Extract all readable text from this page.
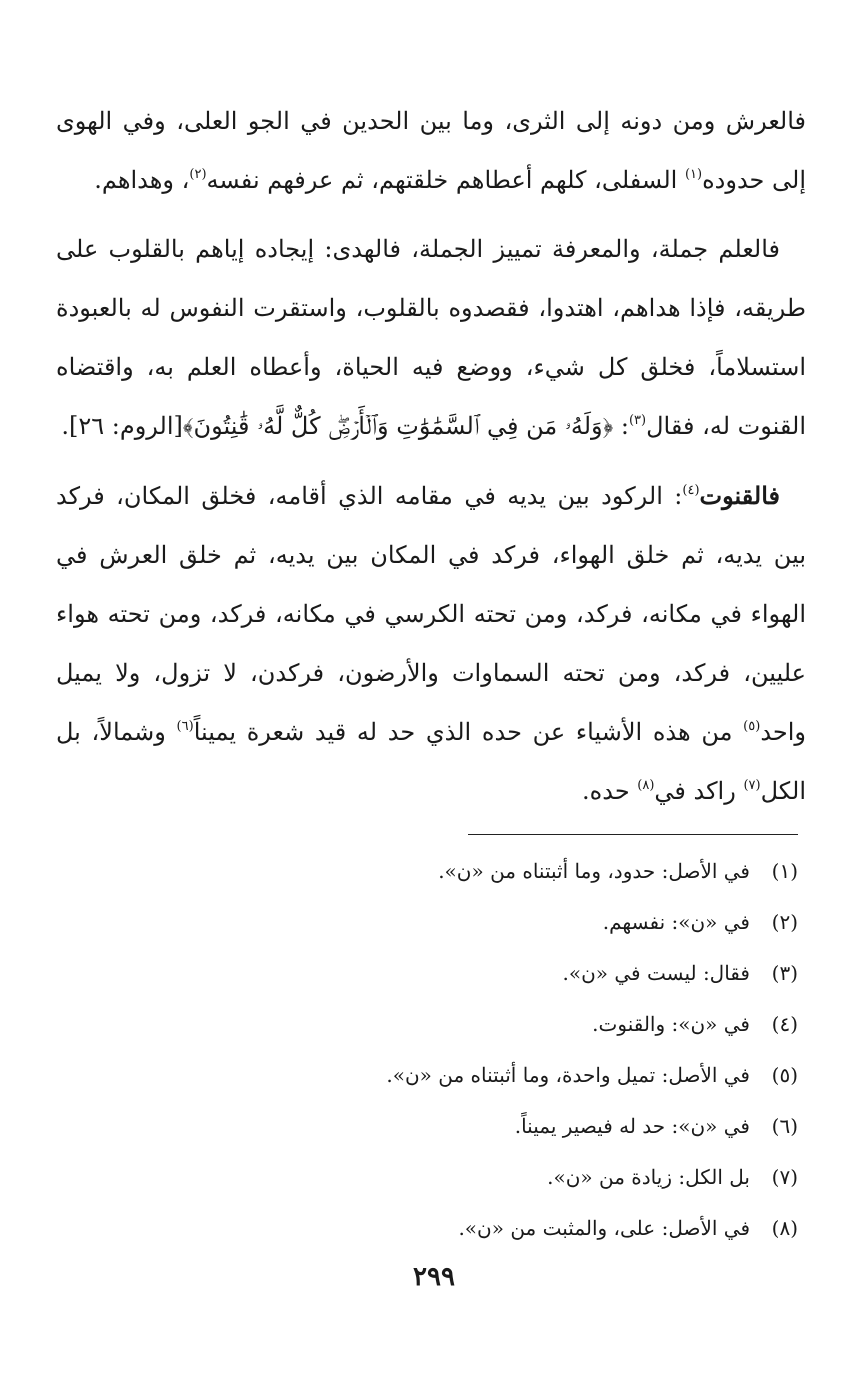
فالعرش ومن دونه إلى الثرى، وما بين الحدين في الجو العلى، وفي الهوى إلى حدوده$^{(١)}$ السفلى، كلهم أعطاهم خلقتهم، ثم عرفهم نفسه$^{(٢)}$، وهداهم.

فالعلم جملة، والمعرفة تمييز الجملة، فالهدى: إيجاده إياهم بالقلوب على طريقه، فإذا هداهم، اهتدوا، فقصدوه بالقلوب، واستقرت النفوس له بالعبودة استسلاماً، فخلق كل شيء، ووضع فيه الحياة، وأعطاه العلم به، واقتضاه القنوت له، فقال$^{(٣)}$: ﴿وَلَهُۥ مَن فِي ٱلسَّمَٰوَٰتِ وَٱلۡأَرۡضِۖ كُلٌّ لَّهُۥ قَٰنِتُونَ﴾[الروم: ٢٦].

فالقنوت$^{(٤)}$: الركود بين يديه في مقامه الذي أقامه، فخلق المكان، فركد بين يديه، ثم خلق الهواء، فركد في المكان بين يديه، ثم خلق العرش في الهواء في مكانه، فركد، ومن تحته الكرسي في مكانه، فركد، ومن تحته هواء عليين، فركد، ومن تحته السماوات والأرضون، فركدن، لا تزول، ولا يميل واحد$^{(٥)}$ من هذه الأشياء عن حده الذي حد له قيد شعرة يميناً$^{(٦)}$ وشمالاً، بل الكل$^{(٧)}$ راكد في$^{(٨)}$ حده.

(١)في الأصل: حدود، وما أثبتناه من «ن».
(٢)في «ن»: نفسهم.
(٣)فقال: ليست في «ن».
(٤)في «ن»: والقنوت.
(٥)في الأصل: تميل واحدة، وما أثبتناه من «ن».
(٦)في «ن»: حد له فيصير يميناً.
(٧)بل الكل: زيادة من «ن».
(٨)في الأصل: على، والمثبت من «ن».
٢٩٩
